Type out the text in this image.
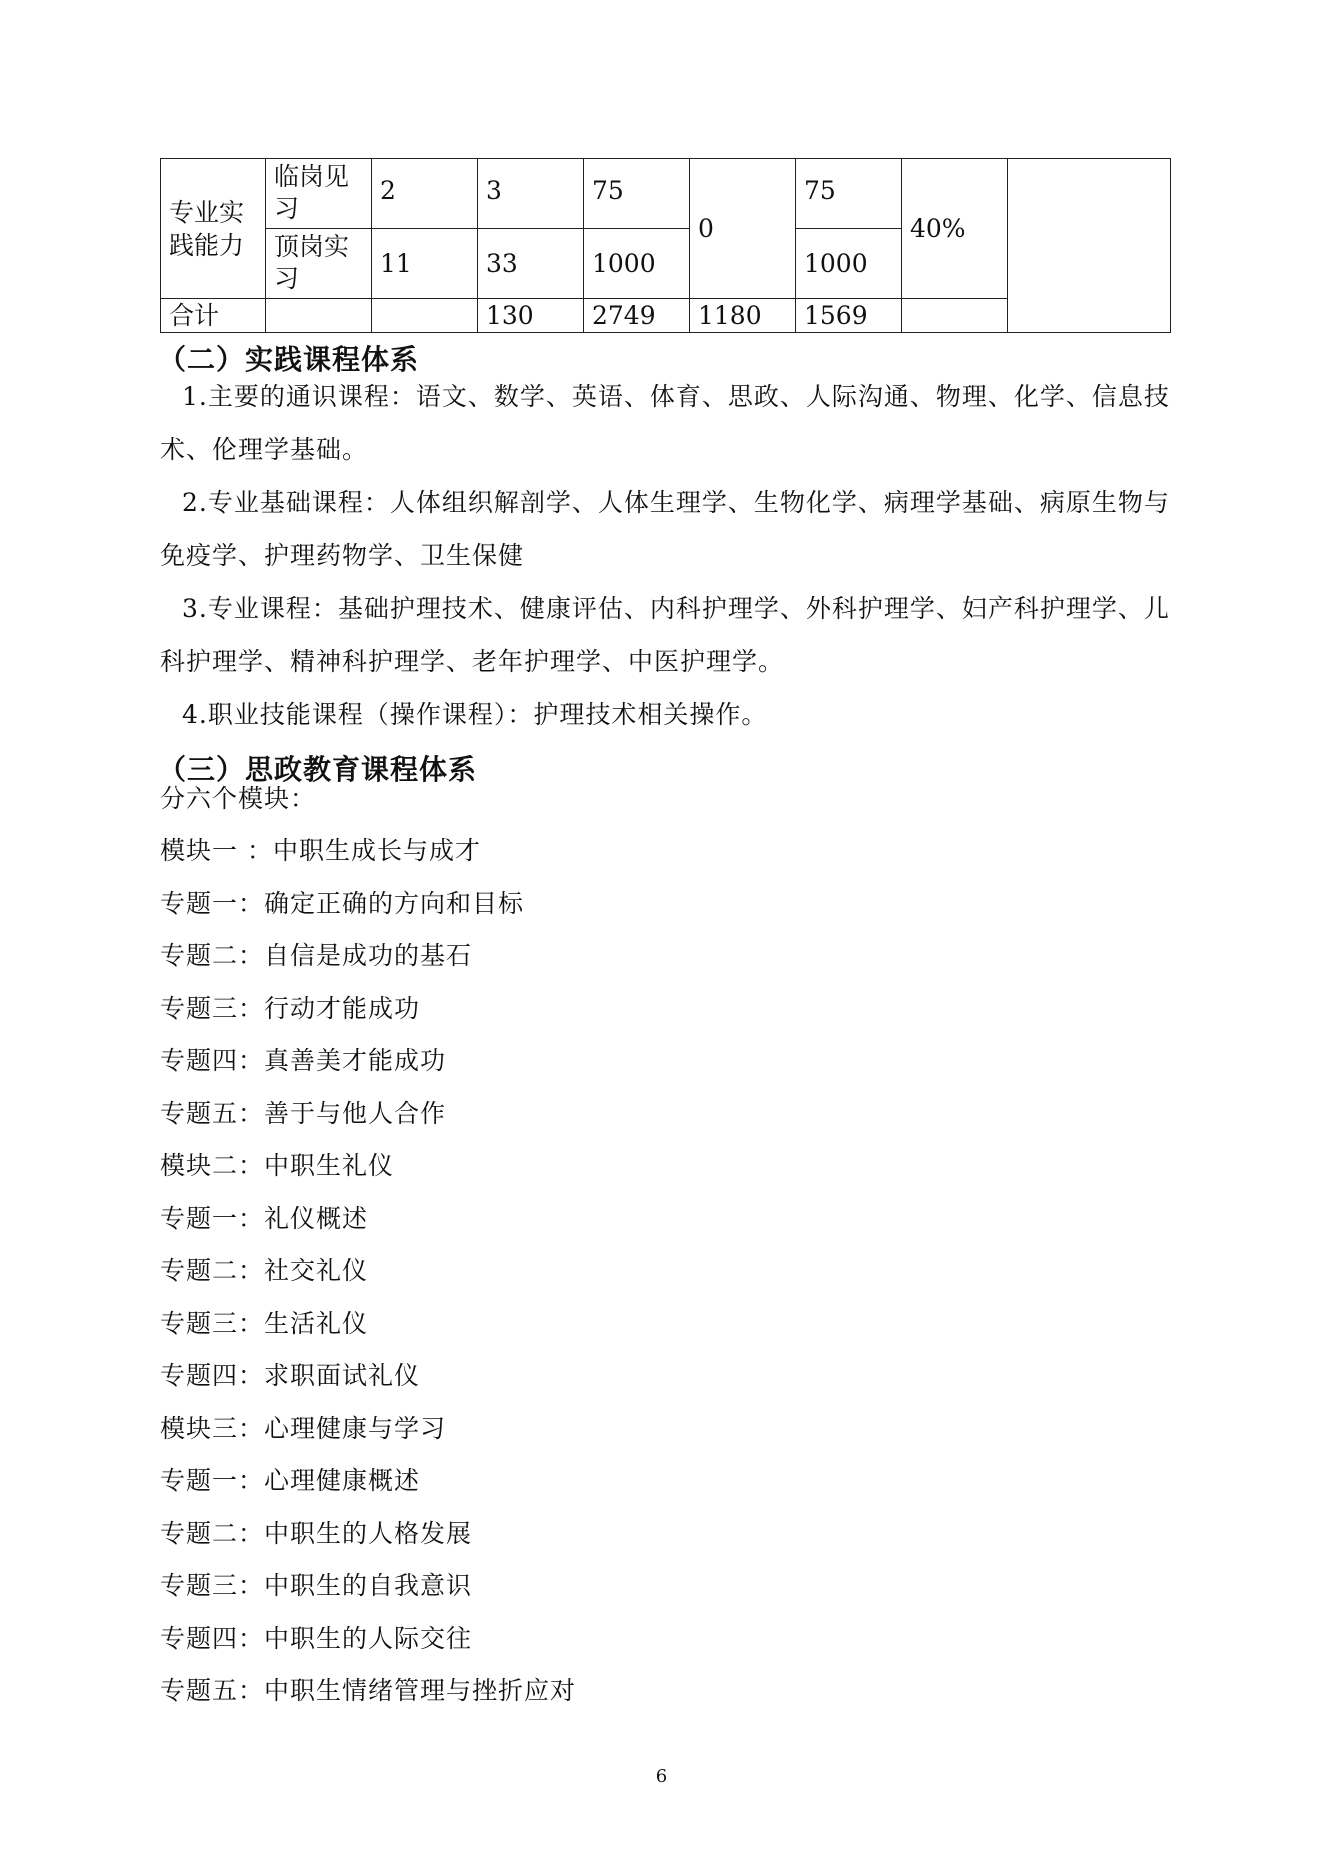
专业实践能力	临岗见习	2	3	75	0	75	40%	
	顶岗实习	11	33	1000		1000		
合计			130	2749	1180	1569		
（二）实践课程体系

1.主要的通识课程：语文、数学、英语、体育、思政、人际沟通、物理、化学、信息技术、伦理学基础。

2.专业基础课程：人体组织解剖学、人体生理学、生物化学、病理学基础、病原生物与免疫学、护理药物学、卫生保健

3.专业课程：基础护理技术、健康评估、内科护理学、外科护理学、妇产科护理学、儿科护理学、精神科护理学、老年护理学、中医护理学。

4.职业技能课程（操作课程）：护理技术相关操作。

（三）思政教育课程体系

分六个模块：

模块一 ：中职生成长与成才

专题一：确定正确的方向和目标

专题二：自信是成功的基石

专题三：行动才能成功

专题四：真善美才能成功

专题五：善于与他人合作

模块二：中职生礼仪

专题一：礼仪概述

专题二：社交礼仪

专题三：生活礼仪

专题四：求职面试礼仪

模块三：心理健康与学习

专题一：心理健康概述

专题二：中职生的人格发展

专题三：中职生的自我意识

专题四：中职生的人际交往

专题五：中职生情绪管理与挫折应对

6
